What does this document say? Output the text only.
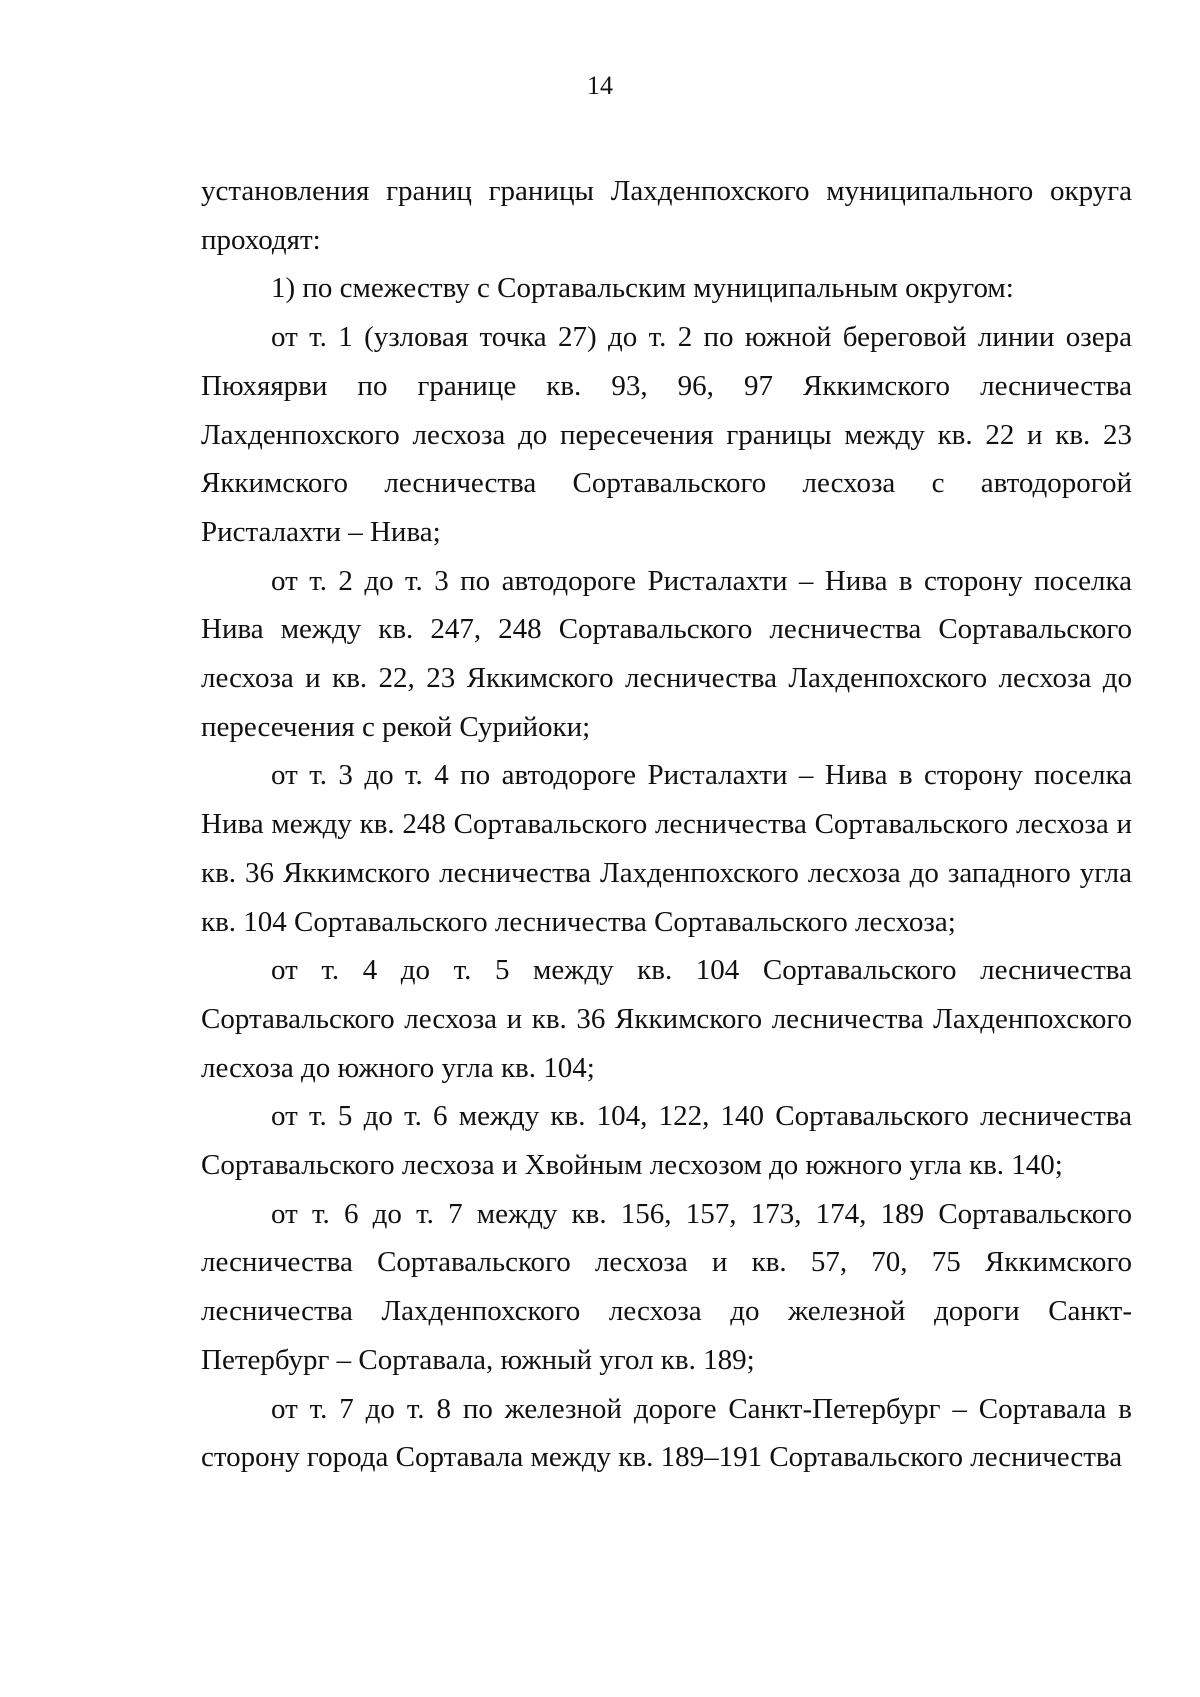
14

установления границ границы Лахденпохского муниципального округа проходят:

1) по смежеству с Сортавальским муниципальным округом:

от т. 1 (узловая точка 27) до т. 2 по южной береговой линии озера Пюхяярви по границе кв. 93, 96, 97 Яккимского лесничества Лахденпохского лесхоза до пересечения границы между кв. 22 и кв. 23 Яккимского лесничества Сортавальского лесхоза с автодорогой Ристалахти – Нива;

от т. 2 до т. 3 по автодороге Ристалахти – Нива в сторону поселка Нива между кв. 247, 248 Сортавальского лесничества Сортавальского лесхоза и кв. 22, 23 Яккимского лесничества Лахденпохского лесхоза до пересечения с рекой Сурийоки;

от т. 3 до т. 4 по автодороге Ристалахти – Нива в сторону поселка Нива между кв. 248 Сортавальского лесничества Сортавальского лесхоза и кв. 36 Яккимского лесничества Лахденпохского лесхоза до западного угла кв. 104 Сортавальского лесничества Сортавальского лесхоза;

от т. 4 до т. 5 между кв. 104 Сортавальского лесничества Сортавальского лесхоза и кв. 36 Яккимского лесничества Лахденпохского лесхоза до южного угла кв. 104;

от т. 5 до т. 6 между кв. 104, 122, 140 Сортавальского лесничества Сортавальского лесхоза и Хвойным лесхозом до южного угла кв. 140;

от т. 6 до т. 7 между кв. 156, 157, 173, 174, 189 Сортавальского лесничества Сортавальского лесхоза и кв. 57, 70, 75 Яккимского лесничества Лахденпохского лесхоза до железной дороги Санкт-Петербург – Сортавала, южный угол кв. 189;

от т. 7 до т. 8 по железной дороге Санкт-Петербург – Сортавала в сторону города Сортавала между кв. 189–191 Сортавальского лесничества
